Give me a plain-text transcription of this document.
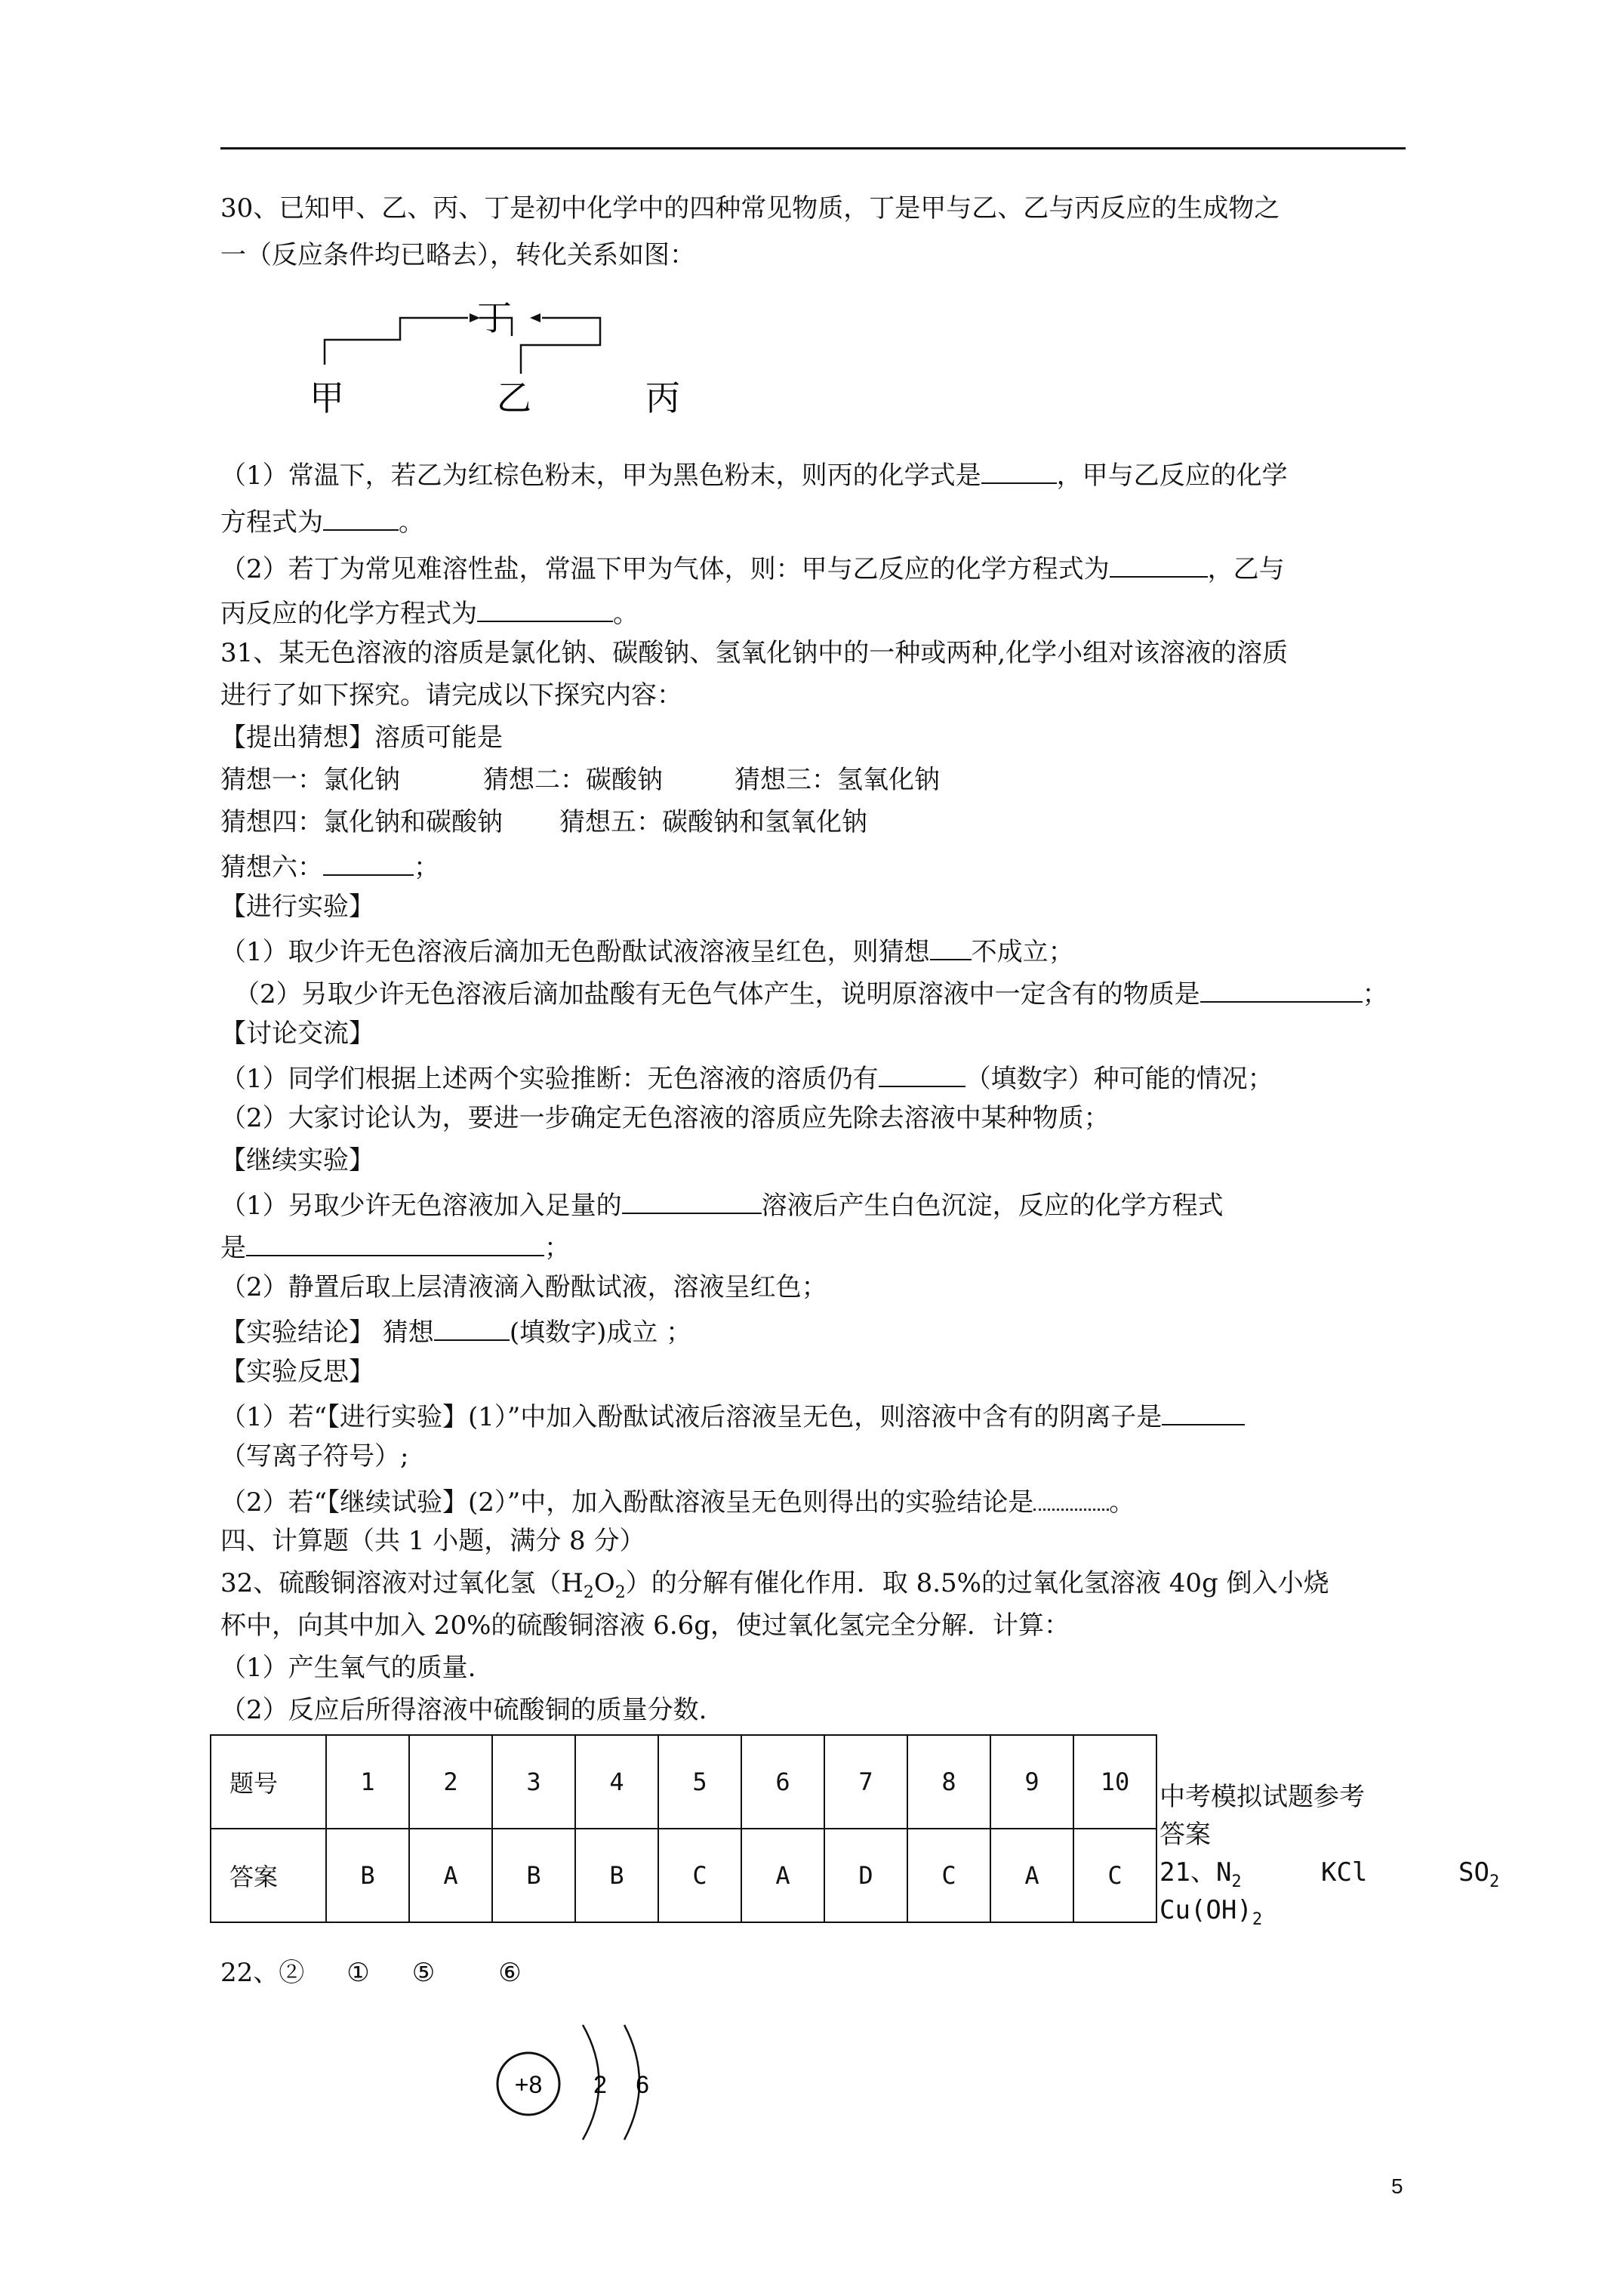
30、已知甲、乙、丙、丁是初中化学中的四种常见物质，丁是甲与乙、乙与丙反应的生成物之
一（反应条件均已略去），转化关系如图：
丁
甲	乙	丙
（1）常温下，若乙为红棕色粉末，甲为黑色粉末，则丙的化学式是	，甲与乙反应的化学
方程式为	。
（2）若丁为常见难溶性盐，常温下甲为气体，则：甲与乙反应的化学方程式为	，乙与
丙反应的化学方程式为	。
31、某无色溶液的溶质是氯化钠、碳酸钠、氢氧化钠中的一种或两种,化学小组对该溶液的溶质
进行了如下探究。请完成以下探究内容：
【提出猜想】溶质可能是
猜想一：氯化钠	猜想二：碳酸钠	猜想三：氢氧化钠
猜想四：氯化钠和碳酸钠 猜想五：碳酸钠和氢氧化钠
猜想六：	；
【进行实验】
（1）取少许无色溶液后滴加无色酚酞试液溶液呈红色，则猜想 不成立；
（2）另取少许无色溶液后滴加盐酸有无色气体产生，说明原溶液中一定含有的物质是	；
【讨论交流】
（1）同学们根据上述两个实验推断：无色溶液的溶质仍有	（填数字）种可能的情况；
（2）大家讨论认为，要进一步确定无色溶液的溶质应先除去溶液中某种物质；
【继续实验】
（1）另取少许无色溶液加入足量的	溶液后产生白色沉淀，反应的化学方程式
是	；
（2）静置后取上层清液滴入酚酞试液，溶液呈红色；
【实验结论】 猜想	(填数字)成立 ；
【实验反思】
（1）若“【进行实验】(1）”中加入酚酞试液后溶液呈无色，则溶液中含有的阴离子是
（写离子符号）;
（2）若“【继续试验】(2）”中，加入酚酞溶液呈无色则得出的实验结论是	。
四、计算题（共 1 小题，满分 8 分）
32、硫酸铜溶液对过氧化氢$(H_2O_2)$的分解有催化作用．取 8.5%的过氧化氢溶液 40g 倒入小烧
杯中，向其中加入 20%的硫酸铜溶液 6.6g，使过氧化氢完全分解．计算：
（1）产生氧气的质量.
（2）反应后所得溶液中硫酸铜的质量分数.
题号	1	2	3	4	5	6	7	8	9	10
答案	B	A	B	B	C	A	D	C	A	C
中考模拟试题参考
答案
21、$N_2$	KCl	$SO_2$
$Cu(OH)_2$
22、② ① ⑤ ⑥
+8 2 6
5
